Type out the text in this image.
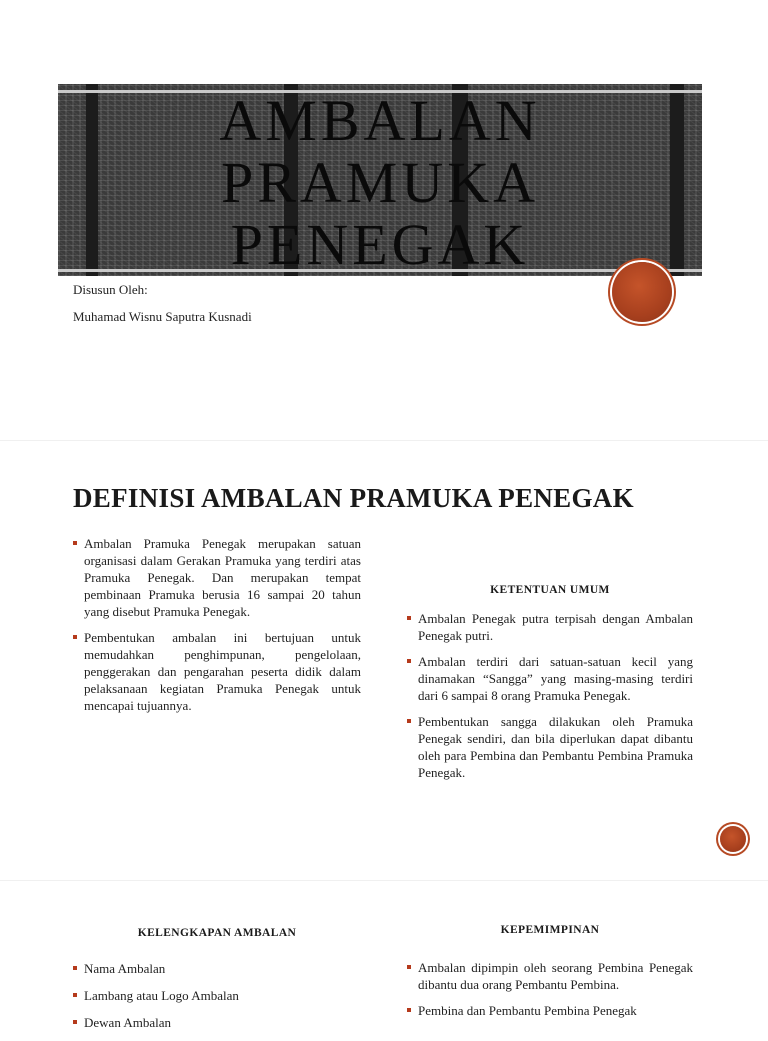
AMBALAN
PRAMUKA
PENEGAK
Disusun Oleh:
Muhamad Wisnu Saputra Kusnadi
DEFINISI AMBALAN PRAMUKA PENEGAK
Ambalan Pramuka Penegak merupakan satuan organisasi dalam Gerakan Pramuka yang terdiri atas Pramuka Penegak. Dan merupakan tempat pembinaan Pramuka berusia 16 sampai 20 tahun yang disebut Pramuka Penegak.
Pembentukan ambalan ini bertujuan untuk memudahkan penghimpunan, pengelolaan, penggerakan dan pengarahan peserta didik dalam pelaksanaan kegiatan Pramuka Penegak untuk mencapai tujuannya.
KETENTUAN UMUM
Ambalan Penegak putra terpisah dengan Ambalan Penegak putri.
Ambalan terdiri dari satuan-satuan kecil yang dinamakan “Sangga” yang masing-masing terdiri dari 6 sampai 8 orang Pramuka Penegak.
Pembentukan sangga dilakukan oleh Pramuka Penegak sendiri, dan bila diperlukan dapat dibantu oleh para Pembina dan Pembantu Pembina Pramuka Penegak.
KELENGKAPAN AMBALAN
Nama Ambalan
Lambang atau Logo Ambalan
Dewan Ambalan
KEPEMIMPINAN
Ambalan dipimpin oleh seorang Pembina Penegak dibantu dua orang Pembantu Pembina.
Pembina dan Pembantu Pembina Penegak
